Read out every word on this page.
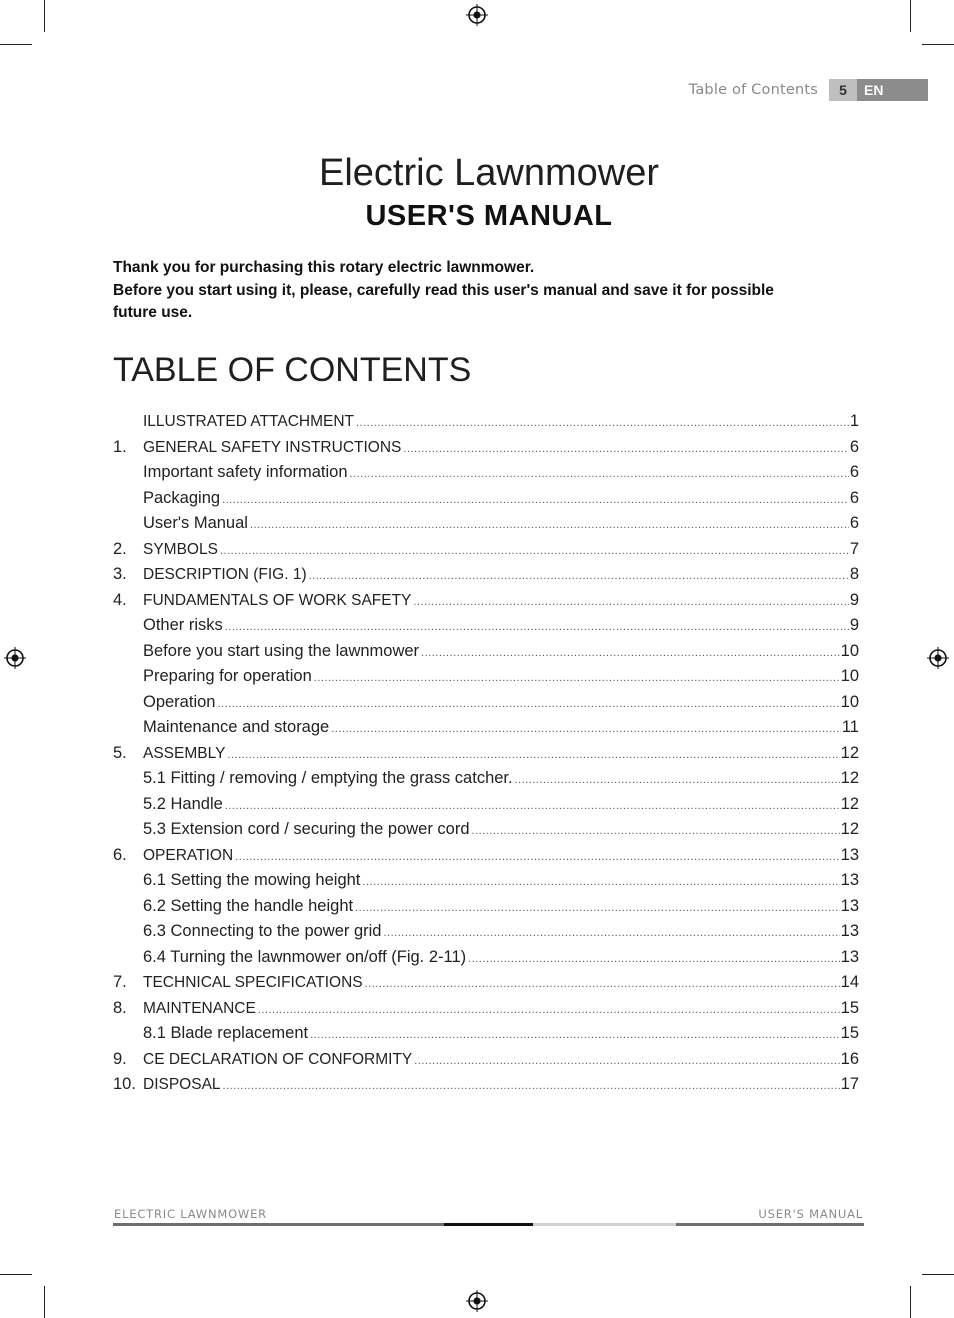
Table of Contents	5	EN
Electric Lawnmower
USER'S MANUAL
Thank you for purchasing this rotary electric lawnmower.
Before you start using it, please, carefully read this user's manual and save it for possible
future use.
TABLE OF CONTENTS
ILLUSTRATED ATTACHMENT .....	1
1. GENERAL SAFETY INSTRUCTIONS .....	6
Important safety information .....	6
Packaging .....	6
User's Manual .....	6
2. SYMBOLS .....	7
3. DESCRIPTION (FIG. 1) .....	8
4. FUNDAMENTALS OF WORK SAFETY .....	9
Other risks .....	9
Before you start using the lawnmower .....	10
Preparing for operation .....	10
Operation .....	10
Maintenance and storage .....	11
5. ASSEMBLY .....	12
5.1 Fitting / removing / emptying the grass catcher. .....	12
5.2 Handle .....	12
5.3 Extension cord / securing the power cord .....	12
6. OPERATION .....	13
6.1 Setting the mowing height .....	13
6.2 Setting the handle height .....	13
6.3 Connecting to the power grid .....	13
6.4 Turning the lawnmower on/off (Fig. 2-11) .....	13
7. TECHNICAL SPECIFICATIONS .....	14
8. MAINTENANCE .....	15
8.1 Blade replacement .....	15
9. CE DECLARATION OF CONFORMITY .....	16
10. DISPOSAL .....	17
ELECTRIC LAWNMOWER	USER'S MANUAL
